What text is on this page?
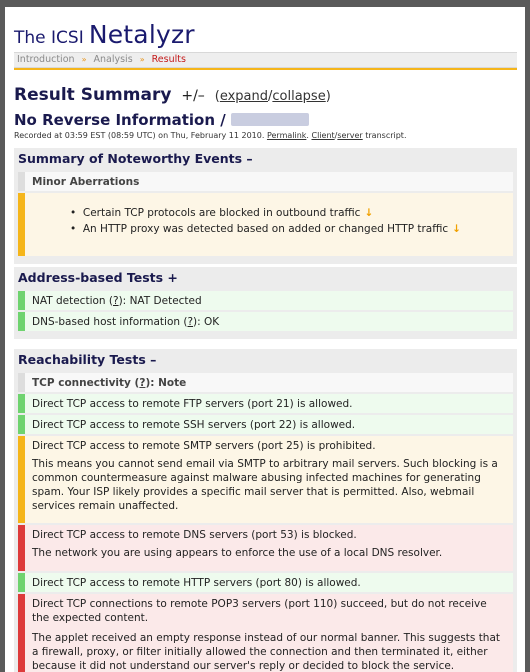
The ICSI Netalyzr
Introduction » Analysis » Results
Result Summary +/– (expand/collapse)
No Reverse Information /
Recorded at 03:59 EST (08:59 UTC) on Thu, February 11 2010. Permalink. Client/server transcript.
Summary of Noteworthy Events –
Minor Aberrations
•  Certain TCP protocols are blocked in outbound traffic ↓
•  An HTTP proxy was detected based on added or changed HTTP traffic ↓
Address-based Tests +
NAT detection (?): NAT Detected
DNS-based host information (?): OK
Reachability Tests –
TCP connectivity (?): Note
Direct TCP access to remote FTP servers (port 21) is allowed.
Direct TCP access to remote SSH servers (port 22) is allowed.
Direct TCP access to remote SMTP servers (port 25) is prohibited.
This means you cannot send email via SMTP to arbitrary mail servers. Such blocking is a common countermeasure against malware abusing infected machines for generating spam. Your ISP likely provides a specific mail server that is permitted. Also, webmail services remain unaffected.
Direct TCP access to remote DNS servers (port 53) is blocked.
The network you are using appears to enforce the use of a local DNS resolver.
Direct TCP access to remote HTTP servers (port 80) is allowed.
Direct TCP connections to remote POP3 servers (port 110) succeed, but do not receive the expected content.
The applet received an empty response instead of our normal banner. This suggests that a firewall, proxy, or filter initially allowed the connection and then terminated it, either because it did not understand our server's reply or decided to block the service.
